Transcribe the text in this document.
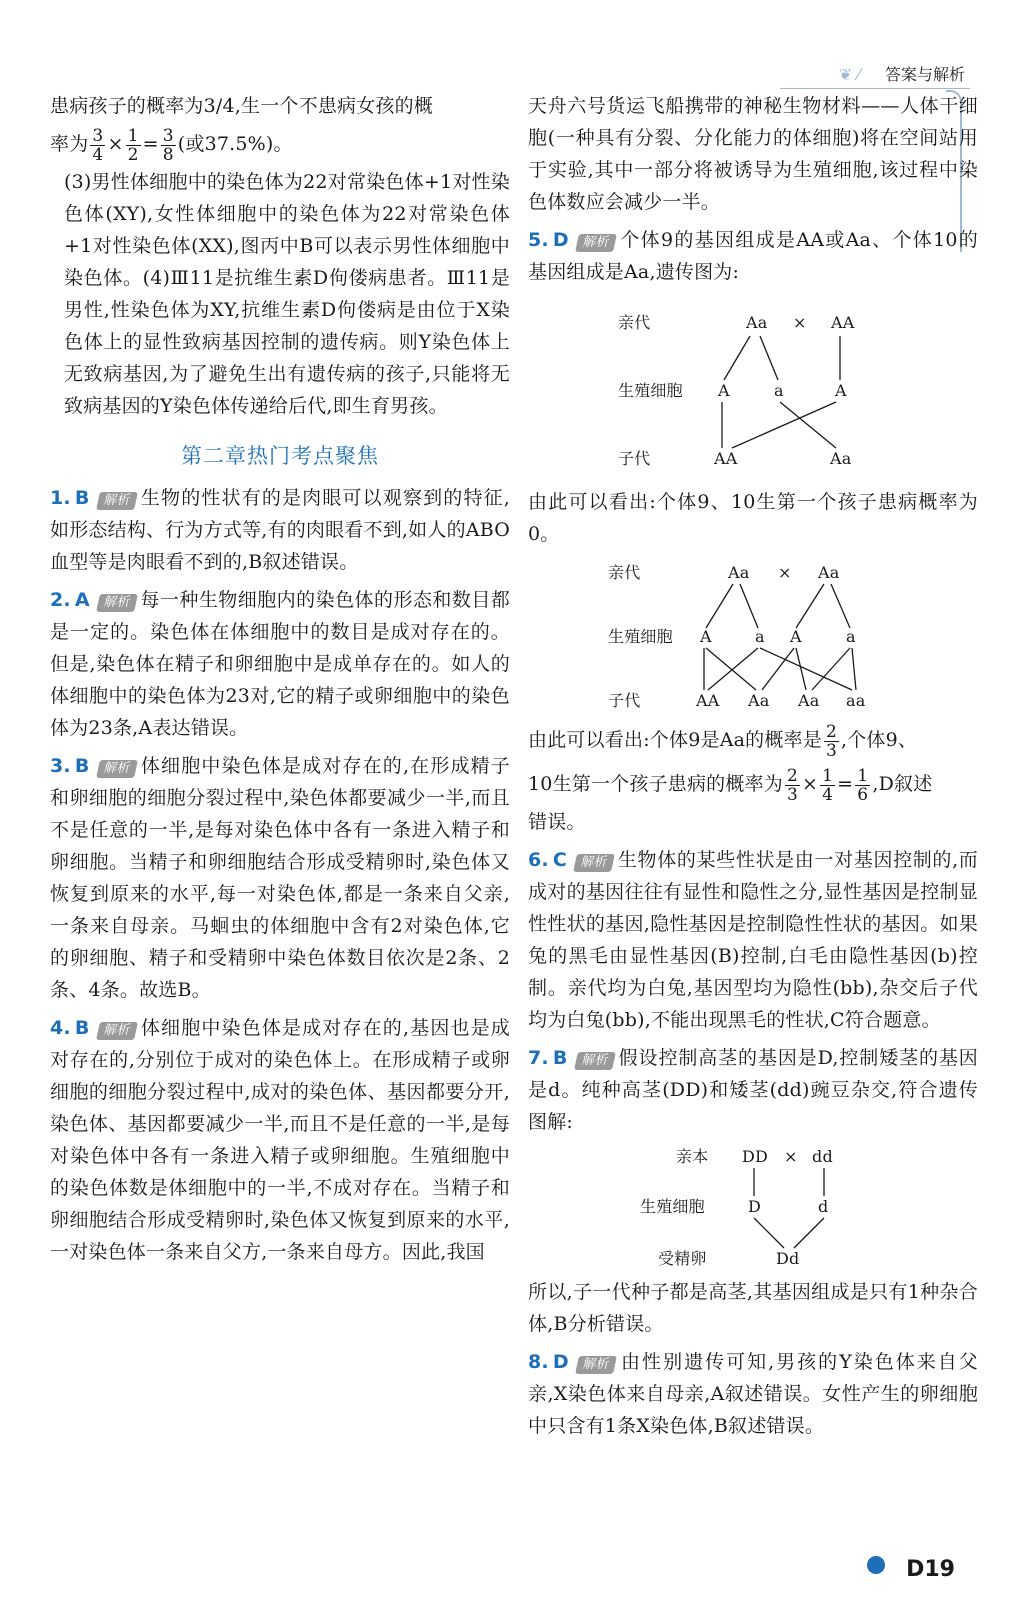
❦ ⁄ 答案与解析

患病孩子的概率为3/4,生一个不患病女孩的概

率为 $\frac{3}{4} \times \frac{1}{2} = \frac{3}{8}$ (或37.5%)。

(3)男性体细胞中的染色体为22对常染色体+1对性染色体(XY),女性体细胞中的染色体为22对常染色体+1对性染色体(XX),图丙中B可以表示男性体细胞中染色体。(4)Ⅲ11是抗维生素D佝偻病患者。Ⅲ11是男性,性染色体为XY,抗维生素D佝偻病是由位于X染色体上的显性致病基因控制的遗传病。则Y染色体上无致病基因,为了避免生出有遗传病的孩子,只能将无致病基因的Y染色体传递给后代,即生育男孩。

第二章热门考点聚焦

1. B 解析 生物的性状有的是肉眼可以观察到的特征,如形态结构、行为方式等,有的肉眼看不到,如人的ABO血型等是肉眼看不到的,B叙述错误。

2. A 解析 每一种生物细胞内的染色体的形态和数目都是一定的。染色体在体细胞中的数目是成对存在的。但是,染色体在精子和卵细胞中是成单存在的。如人的体细胞中的染色体为23对,它的精子或卵细胞中的染色体为23条,A表达错误。

3. B 解析 体细胞中染色体是成对存在的,在形成精子和卵细胞的细胞分裂过程中,染色体都要减少一半,而且不是任意的一半,是每对染色体中各有一条进入精子和卵细胞。当精子和卵细胞结合形成受精卵时,染色体又恢复到原来的水平,每一对染色体,都是一条来自父亲,一条来自母亲。马蛔虫的体细胞中含有2对染色体,它的卵细胞、精子和受精卵中染色体数目依次是2条、2条、4条。故选B。

4. B 解析 体细胞中染色体是成对存在的,基因也是成对存在的,分别位于成对的染色体上。在形成精子或卵细胞的细胞分裂过程中,成对的染色体、基因都要分开,染色体、基因都要减少一半,而且不是任意的一半,是每对染色体中各有一条进入精子或卵细胞。生殖细胞中的染色体数是体细胞中的一半,不成对存在。当精子和卵细胞结合形成受精卵时,染色体又恢复到原来的水平,一对染色体一条来自父方,一条来自母方。因此,我国

天舟六号货运飞船携带的神秘生物材料——人体干细胞(一种具有分裂、分化能力的体细胞)将在空间站用于实验,其中一部分将被诱导为生殖细胞,该过程中染色体数应会减少一半。

5. D 解析 个体9的基因组成是AA或Aa、个体10的基因组成是Aa,遗传图为:

亲代
生殖细胞
子代
Aa × AA
A	a	A
AA	Aa

由此可以看出:个体9、10生第一个孩子患病概率为0。

亲代
生殖细胞
子代
Aa × Aa
A	a A	a
AA Aa Aa aa

由此可以看出:个体9是Aa的概率是 $\frac{2}{3}$ ,个体9、

10生第一个孩子患病的概率为 $\frac{2}{3} \times \frac{1}{4} = \frac{1}{6} ,D$叙述

错误。

6. C 解析 生物体的某些性状是由一对基因控制的,而成对的基因往往有显性和隐性之分,显性基因是控制显性性状的基因,隐性基因是控制隐性性状的基因。如果兔的黑毛由显性基因(B)控制,白毛由隐性基因(b)控制。亲代均为白兔,基因型均为隐性(bb),杂交后子代均为白兔(bb),不能出现黑毛的性状,C符合题意。

7. B 解析 假设控制高茎的基因是D,控制矮茎的基因是d。纯种高茎(DD)和矮茎(dd)豌豆杂交,符合遗传图解:

亲本
生殖细胞
受精卵
DD × dd
D	d
Dd

所以,子一代种子都是高茎,其基因组成是只有1种杂合体,B分析错误。

8. D 解析 由性别遗传可知,男孩的Y染色体来自父亲,X染色体来自母亲,A叙述错误。女性产生的卵细胞中只含有1条X染色体,B叙述错误。

D19
